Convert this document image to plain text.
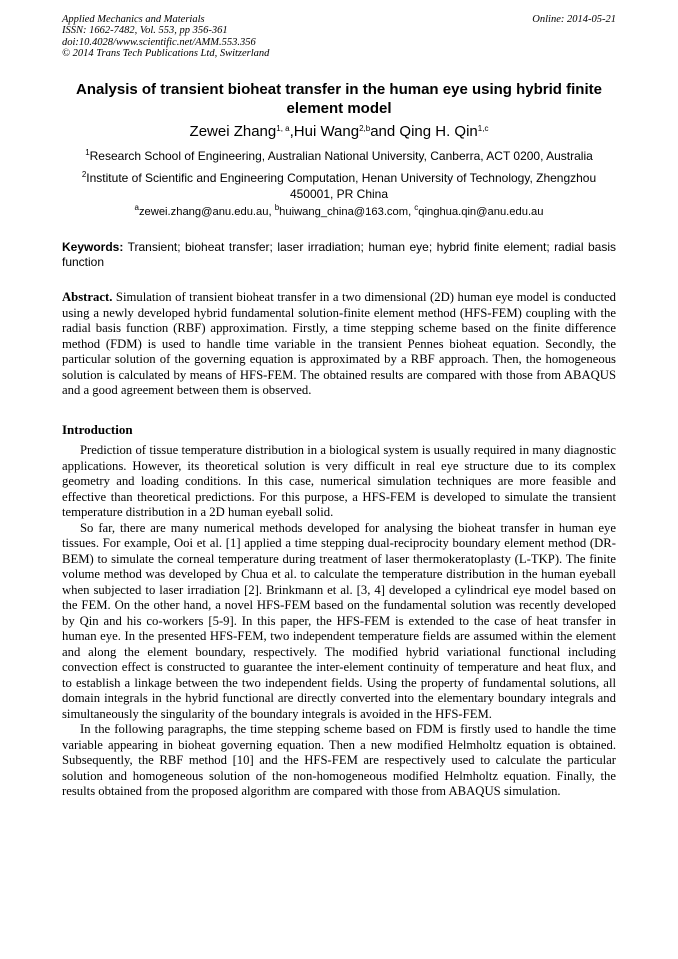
Applied Mechanics and Materials
ISSN: 1662-7482, Vol. 553, pp 356-361
doi:10.4028/www.scientific.net/AMM.553.356
© 2014 Trans Tech Publications Ltd, Switzerland
Online: 2014-05-21
Analysis of transient bioheat transfer in the human eye using hybrid finite element model
Zewei Zhang$^{1, a}$,Hui Wang$^{2,b}$and Qing H. Qin$^{1,c}$
$^1$Research School of Engineering, Australian National University, Canberra, ACT 0200, Australia
$^2$Institute of Scientific and Engineering Computation, Henan University of Technology, Zhengzhou 450001, PR China
$^a$zewei.zhang@anu.edu.au, $^b$huiwang_china@163.com, $^c$qinghua.qin@anu.edu.au
Keywords: Transient; bioheat transfer; laser irradiation; human eye; hybrid finite element; radial basis function
Abstract. Simulation of transient bioheat transfer in a two dimensional (2D) human eye model is conducted using a newly developed hybrid fundamental solution-finite element method (HFS-FEM) coupling with the radial basis function (RBF) approximation. Firstly, a time stepping scheme based on the finite difference method (FDM) is used to handle time variable in the transient Pennes bioheat equation. Secondly, the particular solution of the governing equation is approximated by a RBF approach. Then, the homogeneous solution is calculated by means of HFS-FEM. The obtained results are compared with those from ABAQUS and a good agreement between them is observed.
Introduction

Prediction of tissue temperature distribution in a biological system is usually required in many diagnostic applications. However, its theoretical solution is very difficult in real eye structure due to its complex geometry and loading conditions. In this case, numerical simulation techniques are more feasible and effective than theoretical predictions. For this purpose, a HFS-FEM is developed to simulate the transient temperature distribution in a 2D human eyeball solid.

So far, there are many numerical methods developed for analysing the bioheat transfer in human eye tissues. For example, Ooi et al. [1] applied a time stepping dual-reciprocity boundary element method (DR-BEM) to simulate the corneal temperature during treatment of laser thermokeratoplasty (L-TKP). The finite volume method was developed by Chua et al. to calculate the temperature distribution in the human eyeball when subjected to laser irradiation [2]. Brinkmann et al. [3, 4] developed a cylindrical eye model based on the FEM. On the other hand, a novel HFS-FEM based on the fundamental solution was recently developed by Qin and his co-workers [5-9]. In this paper, the HFS-FEM is extended to the case of heat transfer in human eye. In the presented HFS-FEM, two independent temperature fields are assumed within the element and along the element boundary, respectively. The modified hybrid variational functional including convection effect is constructed to guarantee the inter-element continuity of temperature and heat flux, and to establish a linkage between the two independent fields. Using the property of fundamental solutions, all domain integrals in the hybrid functional are directly converted into the elementary boundary integrals and simultaneously the singularity of the boundary integrals is avoided in the HFS-FEM.

In the following paragraphs, the time stepping scheme based on FDM is firstly used to handle the time variable appearing in bioheat governing equation. Then a new modified Helmholtz equation is obtained. Subsequently, the RBF method [10] and the HFS-FEM are respectively used to calculate the particular solution and homogeneous solution of the non-homogeneous modified Helmholtz equation. Finally, the results obtained from the proposed algorithm are compared with those from ABAQUS simulation.
